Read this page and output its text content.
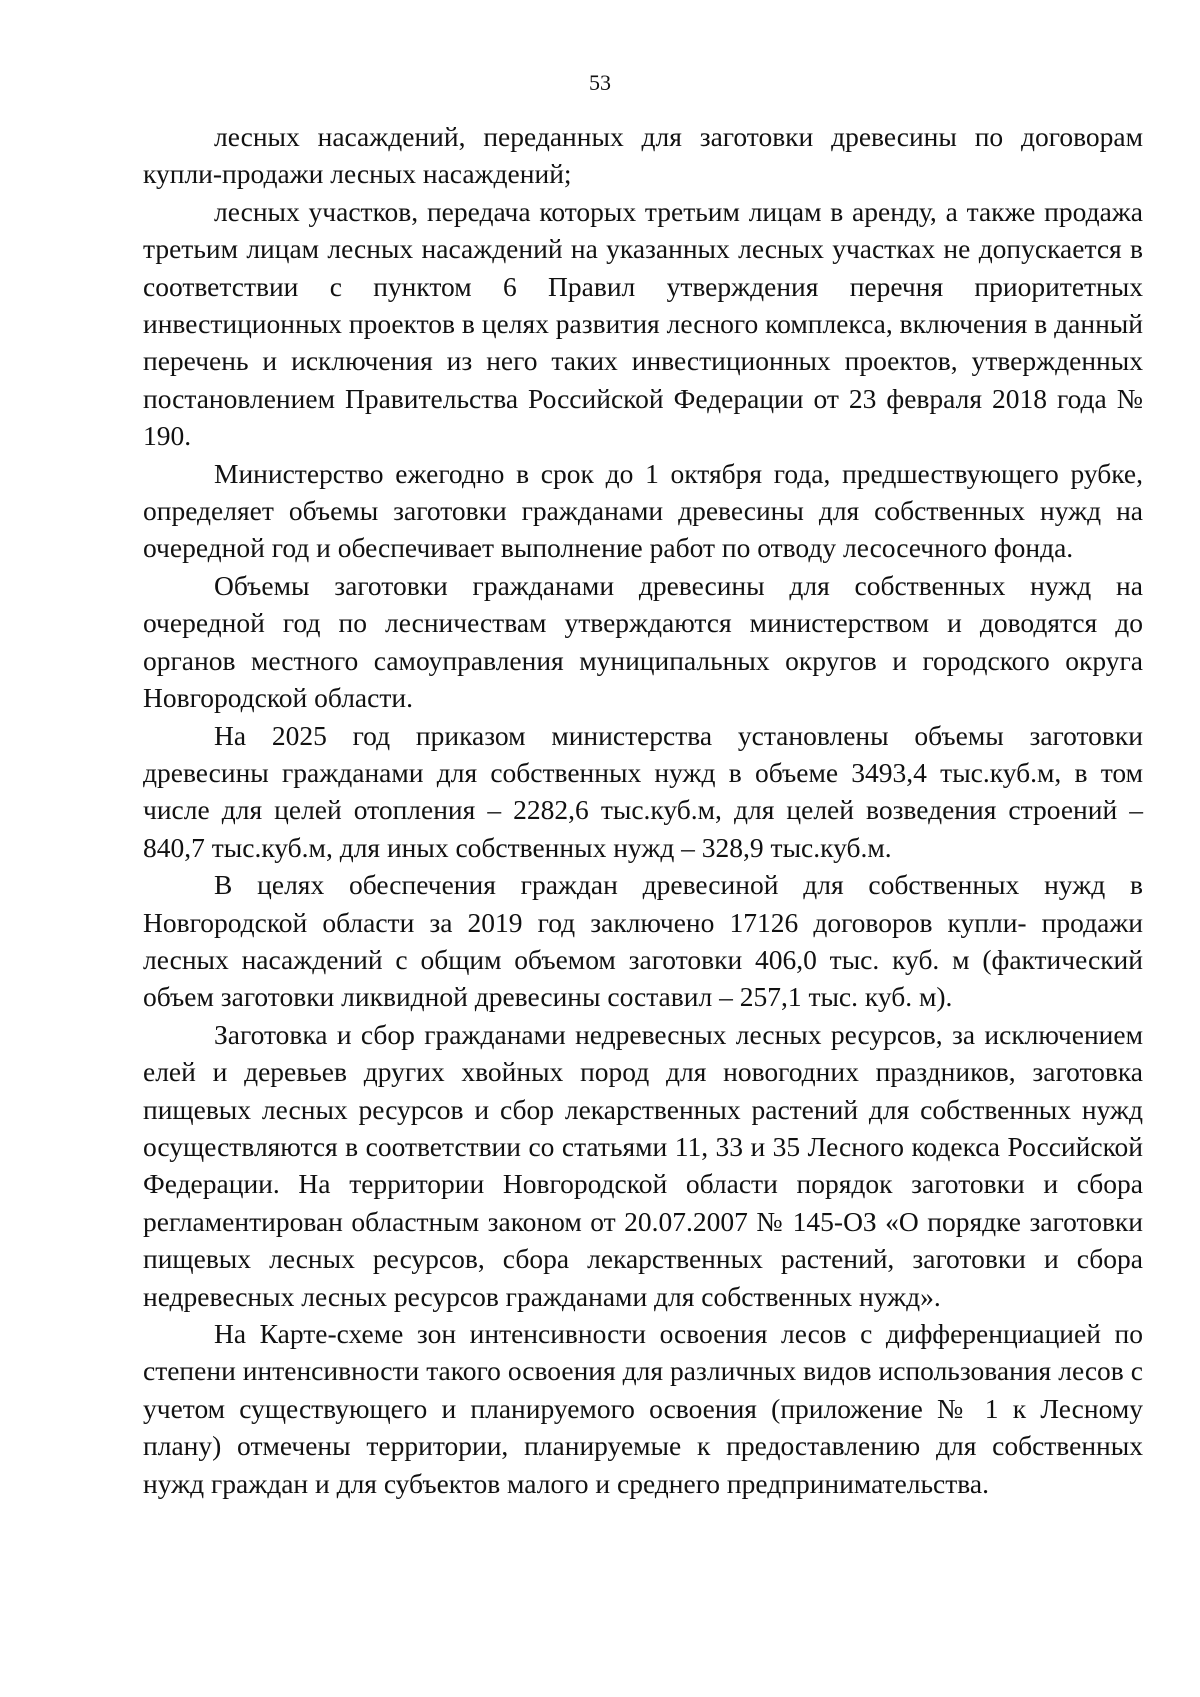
53

лесных насаждений, переданных для заготовки древесины по договорам купли-продажи лесных насаждений;

лесных участков, передача которых третьим лицам в аренду, а также продажа третьим лицам лесных насаждений на указанных лесных участках не допускается в соответствии с пунктом 6 Правил утверждения перечня приоритетных инвестиционных проектов в целях развития лесного комплекса, включения в данный перечень и исключения из него таких инвестиционных проектов, утвержденных постановлением Правительства Российской Федерации от 23 февраля 2018 года № 190.

Министерство ежегодно в срок до 1 октября года, предшествующего рубке, определяет объемы заготовки гражданами древесины для собственных нужд на очередной год и обеспечивает выполнение работ по отводу лесосечного фонда.

Объемы заготовки гражданами древесины для собственных нужд на очередной год по лесничествам утверждаются министерством и доводятся до органов местного самоуправления муниципальных округов и городского округа Новгородской области.

На 2025 год приказом министерства установлены объемы заготовки древесины гражданами для собственных нужд в объеме 3493,4 тыс.куб.м, в том числе для целей отопления – 2282,6 тыс.куб.м, для целей возведения строений – 840,7 тыс.куб.м, для иных собственных нужд – 328,9 тыс.куб.м.

В целях обеспечения граждан древесиной для собственных нужд в Новгородской области за 2019 год заключено 17126 договоров купли- продажи лесных насаждений с общим объемом заготовки 406,0 тыс. куб. м (фактический объем заготовки ликвидной древесины составил – 257,1 тыс. куб. м).

Заготовка и сбор гражданами недревесных лесных ресурсов, за исключением елей и деревьев других хвойных пород для новогодних праздников, заготовка пищевых лесных ресурсов и сбор лекарственных растений для собственных нужд осуществляются в соответствии со статьями 11, 33 и 35 Лесного кодекса Российской Федерации. На территории Новгородской области порядок заготовки и сбора регламентирован областным законом от 20.07.2007 № 145-ОЗ «О порядке заготовки пищевых лесных ресурсов, сбора лекарственных растений, заготовки и сбора недревесных лесных ресурсов гражданами для собственных нужд».

На Карте-схеме зон интенсивности освоения лесов с дифференциацией по степени интенсивности такого освоения для различных видов использования лесов с учетом существующего и планируемого освоения (приложение № 1 к Лесному плану) отмечены территории, планируемые к предоставлению для собственных нужд граждан и для субъектов малого и среднего предпринимательства.
